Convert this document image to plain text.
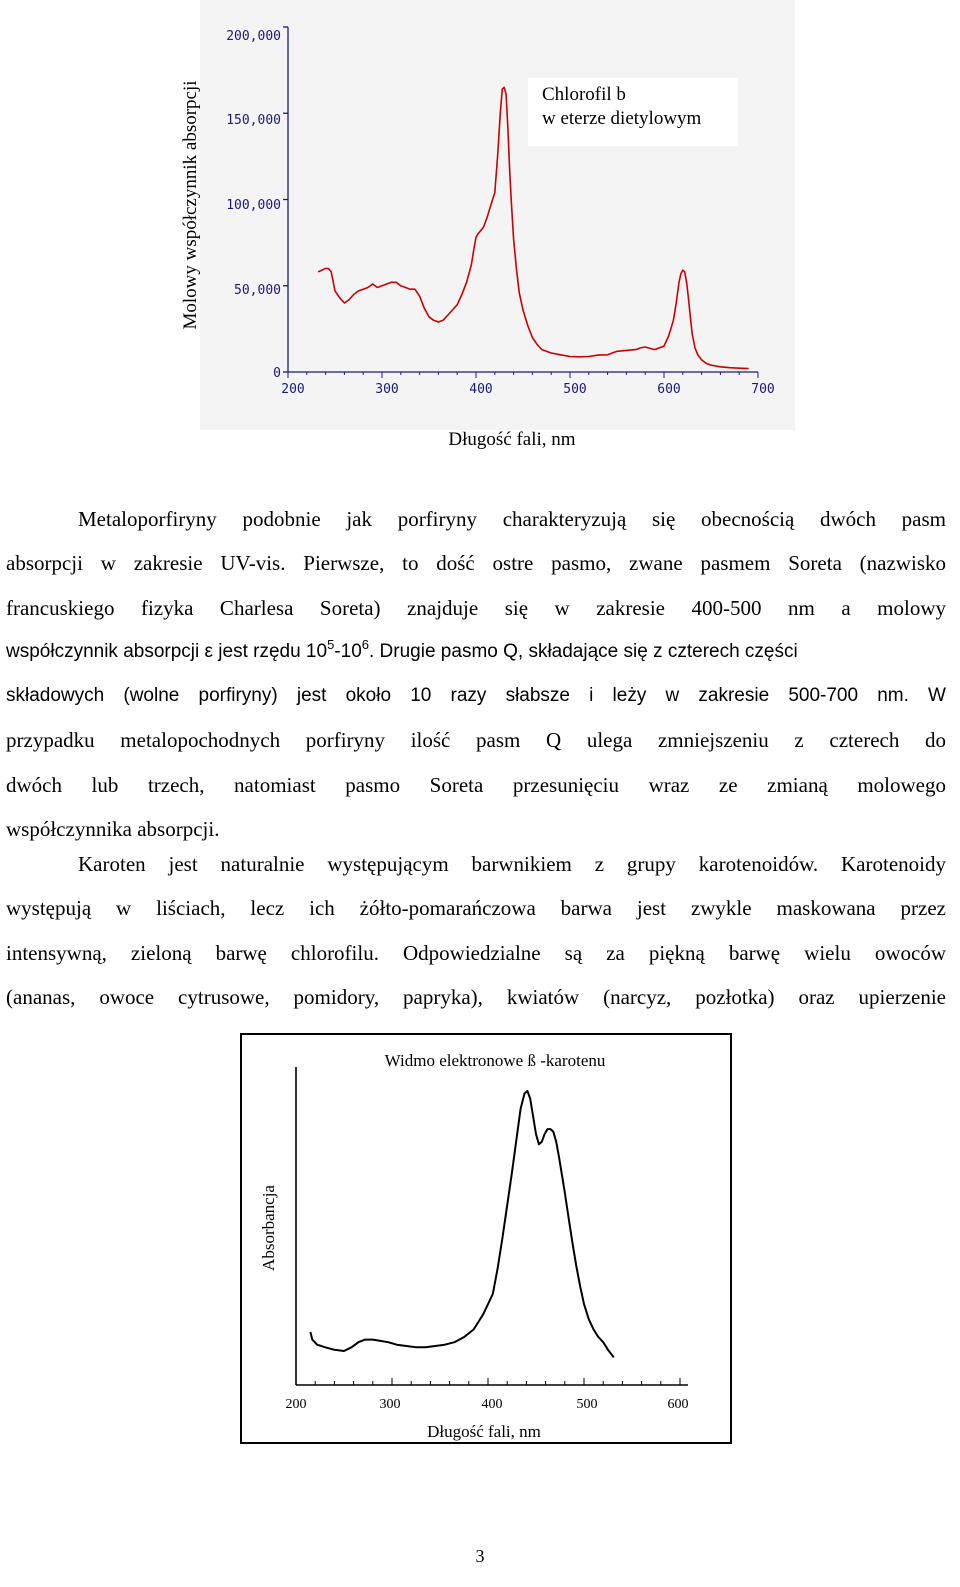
Molowy współczynnik absorpcji	Chlorofil b
w eterze dietylowym
200,000
150,000
100,000
50,000
0
200	300	400	500	600	700
Długość fali, nm
Metaloporfiryny podobnie jak porfiryny charakteryzują się obecnością dwóch pasm
absorpcji w zakresie UV-vis. Pierwsze, to dość ostre pasmo, zwane pasmem Soreta (nazwisko
francuskiego fizyka Charlesa Soreta) znajduje się w zakresie 400-500 nm a molowy
współczynnik absorpcji ε jest rzędu $10^5-10^6$. Drugie pasmo Q, składające się z czterech części
składowych (wolne porfiryny) jest około 10 razy słabsze i leży w zakresie 500-700 nm. W
przypadku metalopochodnych porfiryny ilość pasm Q ulega zmniejszeniu z czterech do
dwóch lub trzech, natomiast pasmo Soreta przesunięciu wraz ze zmianą molowego
współczynnika absorpcji.
Karoten jest naturalnie występującym barwnikiem z grupy karotenoidów. Karotenoidy
występują w liściach, lecz ich żółto-pomarańczowa barwa jest zwykle maskowana przez
intensywną, zieloną barwę chlorofilu. Odpowiedzialne są za piękną barwę wielu owoców
(ananas, owoce cytrusowe, pomidory, papryka), kwiatów (narcyz, pozłotka) oraz upierzenie
Widmo elektronowe ß -karotenu
Absorbancja
200	300	400	500	600
Długość fali, nm
3
